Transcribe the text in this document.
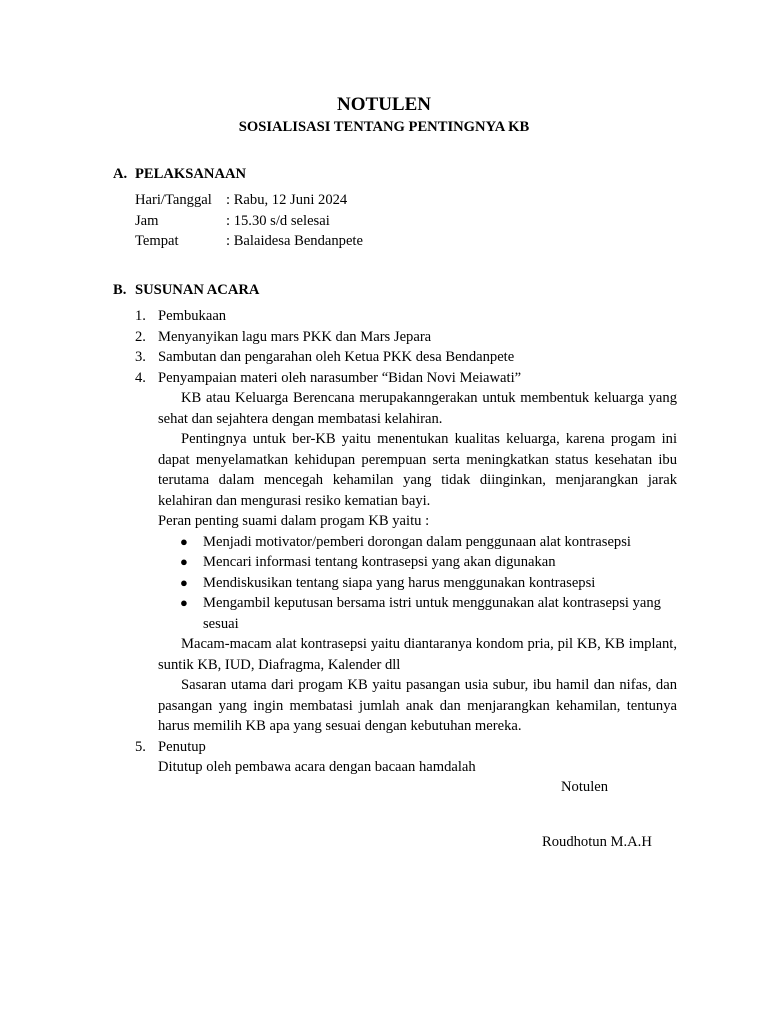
NOTULEN
SOSIALISASI TENTANG PENTINGNYA KB
A. PELAKSANAAN
Hari/Tanggal : Rabu, 12 Juni 2024
Jam	: 15.30 s/d selesai
Tempat	: Balaidesa Bendanpete
B. SUSUNAN ACARA
1. Pembukaan
2. Menyanyikan lagu mars PKK dan Mars Jepara
3. Sambutan dan pengarahan oleh Ketua PKK desa Bendanpete
4. Penyampaian materi oleh narasumber “Bidan Novi Meiawati”
KB atau Keluarga Berencana merupakanngerakan untuk membentuk keluarga yang sehat dan sejahtera dengan membatasi kelahiran.
Pentingnya untuk ber-KB yaitu menentukan kualitas keluarga, karena progam ini dapat menyelamatkan kehidupan perempuan serta meningkatkan status kesehatan ibu terutama dalam mencegah kehamilan yang tidak diinginkan, menjarangkan jarak kelahiran dan mengurasi resiko kematian bayi.
Peran penting suami dalam progam KB yaitu :
● Menjadi motivator/pemberi dorongan dalam penggunaan alat kontrasepsi
● Mencari informasi tentang kontrasepsi yang akan digunakan
● Mendiskusikan tentang siapa yang harus menggunakan kontrasepsi
● Mengambil keputusan bersama istri untuk menggunakan alat kontrasepsi yang sesuai
Macam-macam alat kontrasepsi yaitu diantaranya kondom pria, pil KB, KB implant, suntik KB, IUD, Diafragma, Kalender dll
Sasaran utama dari progam KB yaitu pasangan usia subur, ibu hamil dan nifas, dan pasangan yang ingin membatasi jumlah anak dan menjarangkan kehamilan, tentunya harus memilih KB apa yang sesuai dengan kebutuhan mereka.
5. Penutup
Ditutup oleh pembawa acara dengan bacaan hamdalah
Notulen
Roudhotun M.A.H
